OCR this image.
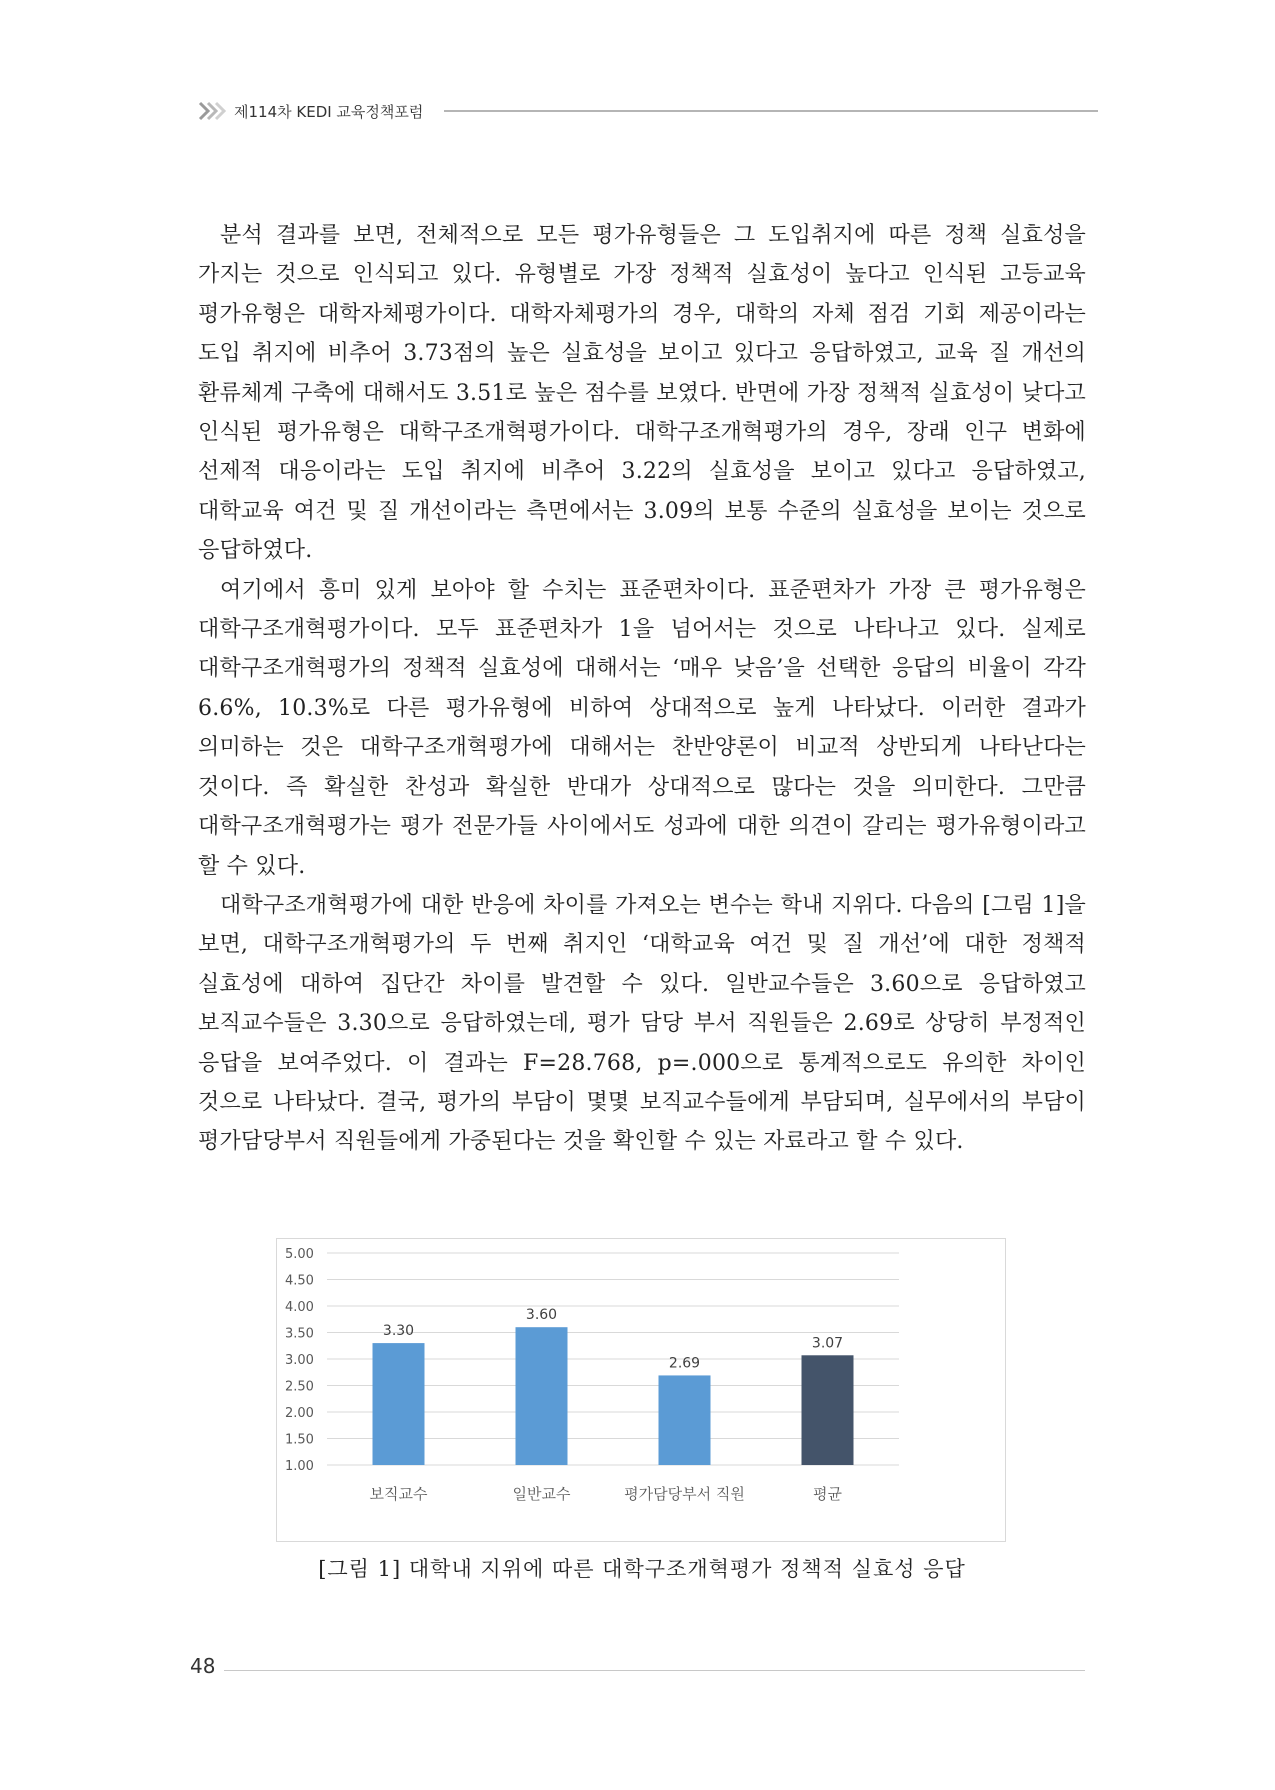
제114차 KEDI 교육정책포럼

분석 결과를 보면, 전체적으로 모든 평가유형들은 그 도입취지에 따른 정책 실효성을 가지는 것으로 인식되고 있다. 유형별로 가장 정책적 실효성이 높다고 인식된 고등교육 평가유형은 대학자체평가이다. 대학자체평가의 경우, 대학의 자체 점검 기회 제공이라는 도입 취지에 비추어 3.73점의 높은 실효성을 보이고 있다고 응답하였고, 교육 질 개선의 환류체계 구축에 대해서도 3.51로 높은 점수를 보였다. 반면에 가장 정책적 실효성이 낮다고 인식된 평가유형은 대학구조개혁평가이다. 대학구조개혁평가의 경우, 장래 인구 변화에 선제적 대응이라는 도입 취지에 비추어 3.22의 실효성을 보이고 있다고 응답하였고, 대학교육 여건 및 질 개선이라는 측면에서는 3.09의 보통 수준의 실효성을 보이는 것으로 응답하였다.

여기에서 흥미 있게 보아야 할 수치는 표준편차이다. 표준편차가 가장 큰 평가유형은 대학구조개혁평가이다. 모두 표준편차가 1을 넘어서는 것으로 나타나고 있다. 실제로 대학구조개혁평가의 정책적 실효성에 대해서는 ‘매우 낮음’을 선택한 응답의 비율이 각각 6.6%, 10.3%로 다른 평가유형에 비하여 상대적으로 높게 나타났다. 이러한 결과가 의미하는 것은 대학구조개혁평가에 대해서는 찬반양론이 비교적 상반되게 나타난다는 것이다. 즉 확실한 찬성과 확실한 반대가 상대적으로 많다는 것을 의미한다. 그만큼 대학구조개혁평가는 평가 전문가들 사이에서도 성과에 대한 의견이 갈리는 평가유형이라고 할 수 있다.

대학구조개혁평가에 대한 반응에 차이를 가져오는 변수는 학내 지위다. 다음의 [그림 1]을 보면, 대학구조개혁평가의 두 번째 취지인 ‘대학교육 여건 및 질 개선’에 대한 정책적 실효성에 대하여 집단간 차이를 발견할 수 있다. 일반교수들은 3.60으로 응답하였고 보직교수들은 3.30으로 응답하였는데, 평가 담당 부서 직원들은 2.69로 상당히 부정적인 응답을 보여주었다. 이 결과는 F=28.768, p=.000으로 통계적으로도 유의한 차이인 것으로 나타났다. 결국, 평가의 부담이 몇몇 보직교수들에게 부담되며, 실무에서의 부담이 평가담당부서 직원들에게 가중된다는 것을 확인할 수 있는 자료라고 할 수 있다.

5.00
4.50
4.00
3.50
3.00
2.50
2.00
1.50
1.00
3.30
3.60
2.69
3.07
보직교수	일반교수	평가담당부서 직원	평균
[그림 1] 대학내 지위에 따른 대학구조개혁평가 정책적 실효성 응답
48
